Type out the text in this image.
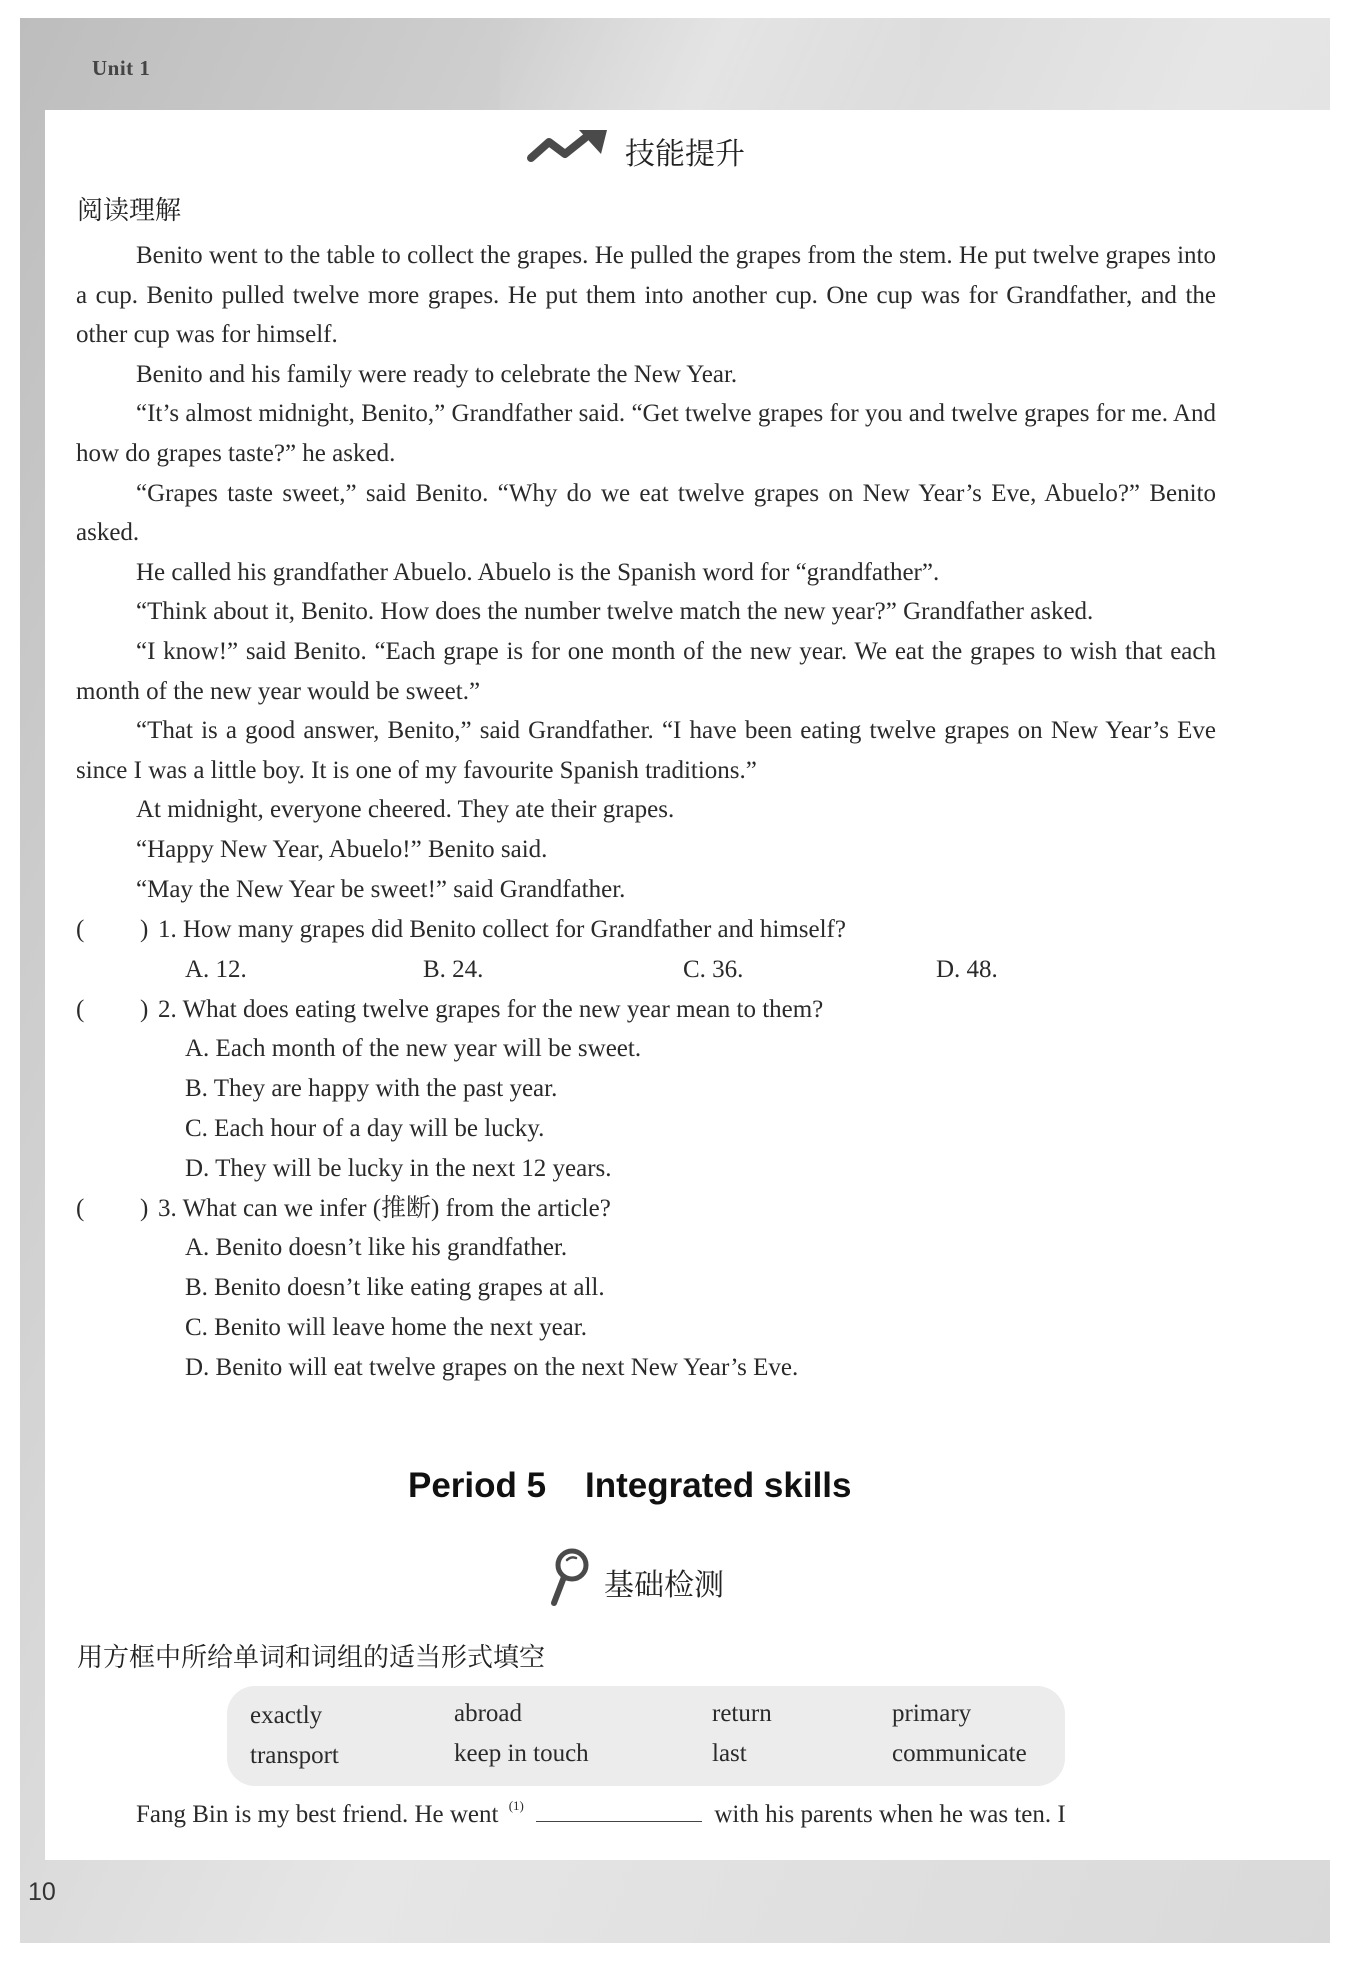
Unit 1
技能提升
阅读理解

Benito went to the table to collect the grapes. He pulled the grapes from the stem. He put twelve grapes into a cup. Benito pulled twelve more grapes. He put them into another cup. One cup was for Grandfather, and the other cup was for himself.

Benito and his family were ready to celebrate the New Year.

“It’s almost midnight, Benito,” Grandfather said. “Get twelve grapes for you and twelve grapes for me. And how do grapes taste?” he asked.

“Grapes taste sweet,” said Benito. “Why do we eat twelve grapes on New Year’s Eve, Abuelo?” Benito asked.

He called his grandfather Abuelo. Abuelo is the Spanish word for “grandfather”.

“Think about it, Benito. How does the number twelve match the new year?” Grandfather asked.

“I know!” said Benito. “Each grape is for one month of the new year. We eat the grapes to wish that each month of the new year would be sweet.”

“That is a good answer, Benito,” said Grandfather. “I have been eating twelve grapes on New Year’s Eve since I was a little boy. It is one of my favourite Spanish traditions.”

At midnight, everyone cheered. They ate their grapes.

“Happy New Year, Abuelo!” Benito said.

“May the New Year be sweet!” said Grandfather.

( ) 1. How many grapes did Benito collect for Grandfather and himself?
A. 12.	B. 24.	C. 36.	D. 48.
( ) 2. What does eating twelve grapes for the new year mean to them?
A. Each month of the new year will be sweet.
B. They are happy with the past year.
C. Each hour of a day will be lucky.
D. They will be lucky in the next 12 years.
( ) 3. What can we infer (推断) from the article?
A. Benito doesn’t like his grandfather.
B. Benito doesn’t like eating grapes at all.
C. Benito will leave home the next year.
D. Benito will eat twelve grapes on the next New Year’s Eve.
Period 5    Integrated skills
基础检测
用方框中所给单词和词组的适当形式填空
exactly	abroad	return	primary
transport	keep in touch	last	communicate
Fang Bin is my best friend. He went $^{(1)}$	with his parents when he was ten. I
10
